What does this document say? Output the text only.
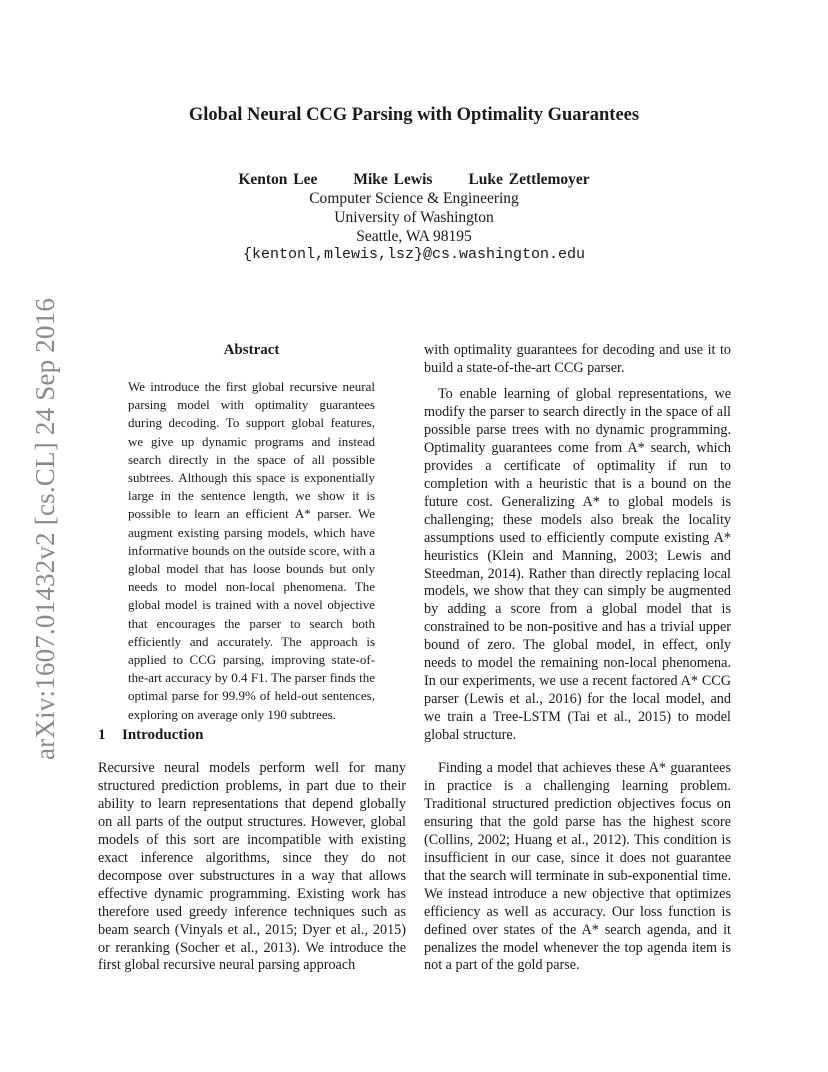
arXiv:1607.01432v2 [cs.CL] 24 Sep 2016
Global Neural CCG Parsing with Optimality Guarantees
Kenton Lee Mike Lewis Luke Zettlemoyer
Computer Science & Engineering
University of Washington
Seattle, WA 98195
{kentonl,mlewis,lsz}@cs.washington.edu
Abstract
We introduce the first global recursive neural parsing model with optimality guarantees during decoding. To support global features, we give up dynamic programs and instead search directly in the space of all possible subtrees. Although this space is exponentially large in the sentence length, we show it is possible to learn an efficient A* parser. We augment existing parsing models, which have informative bounds on the outside score, with a global model that has loose bounds but only needs to model non-local phenomena. The global model is trained with a novel objective that encourages the parser to search both efficiently and accurately. The approach is applied to CCG parsing, improving state-of-the-art accuracy by 0.4 F1. The parser finds the optimal parse for 99.9% of held-out sentences, exploring on average only 190 subtrees.
1 Introduction
Recursive neural models perform well for many structured prediction problems, in part due to their ability to learn representations that depend globally on all parts of the output structures. However, global models of this sort are incompatible with existing exact inference algorithms, since they do not decompose over substructures in a way that allows effective dynamic programming. Existing work has therefore used greedy inference techniques such as beam search (Vinyals et al., 2015; Dyer et al., 2015) or reranking (Socher et al., 2013). We introduce the first global recursive neural parsing approach
with optimality guarantees for decoding and use it to build a state-of-the-art CCG parser.
To enable learning of global representations, we modify the parser to search directly in the space of all possible parse trees with no dynamic programming. Optimality guarantees come from A* search, which provides a certificate of optimality if run to completion with a heuristic that is a bound on the future cost. Generalizing A* to global models is challenging; these models also break the locality assumptions used to efficiently compute existing A* heuristics (Klein and Manning, 2003; Lewis and Steedman, 2014). Rather than directly replacing local models, we show that they can simply be augmented by adding a score from a global model that is constrained to be non-positive and has a trivial upper bound of zero. The global model, in effect, only needs to model the remaining non-local phenomena. In our experiments, we use a recent factored A* CCG parser (Lewis et al., 2016) for the local model, and we train a Tree-LSTM (Tai et al., 2015) to model global structure.
Finding a model that achieves these A* guarantees in practice is a challenging learning problem. Traditional structured prediction objectives focus on ensuring that the gold parse has the highest score (Collins, 2002; Huang et al., 2012). This condition is insufficient in our case, since it does not guarantee that the search will terminate in sub-exponential time. We instead introduce a new objective that optimizes efficiency as well as accuracy. Our loss function is defined over states of the A* search agenda, and it penalizes the model whenever the top agenda item is not a part of the gold parse.
